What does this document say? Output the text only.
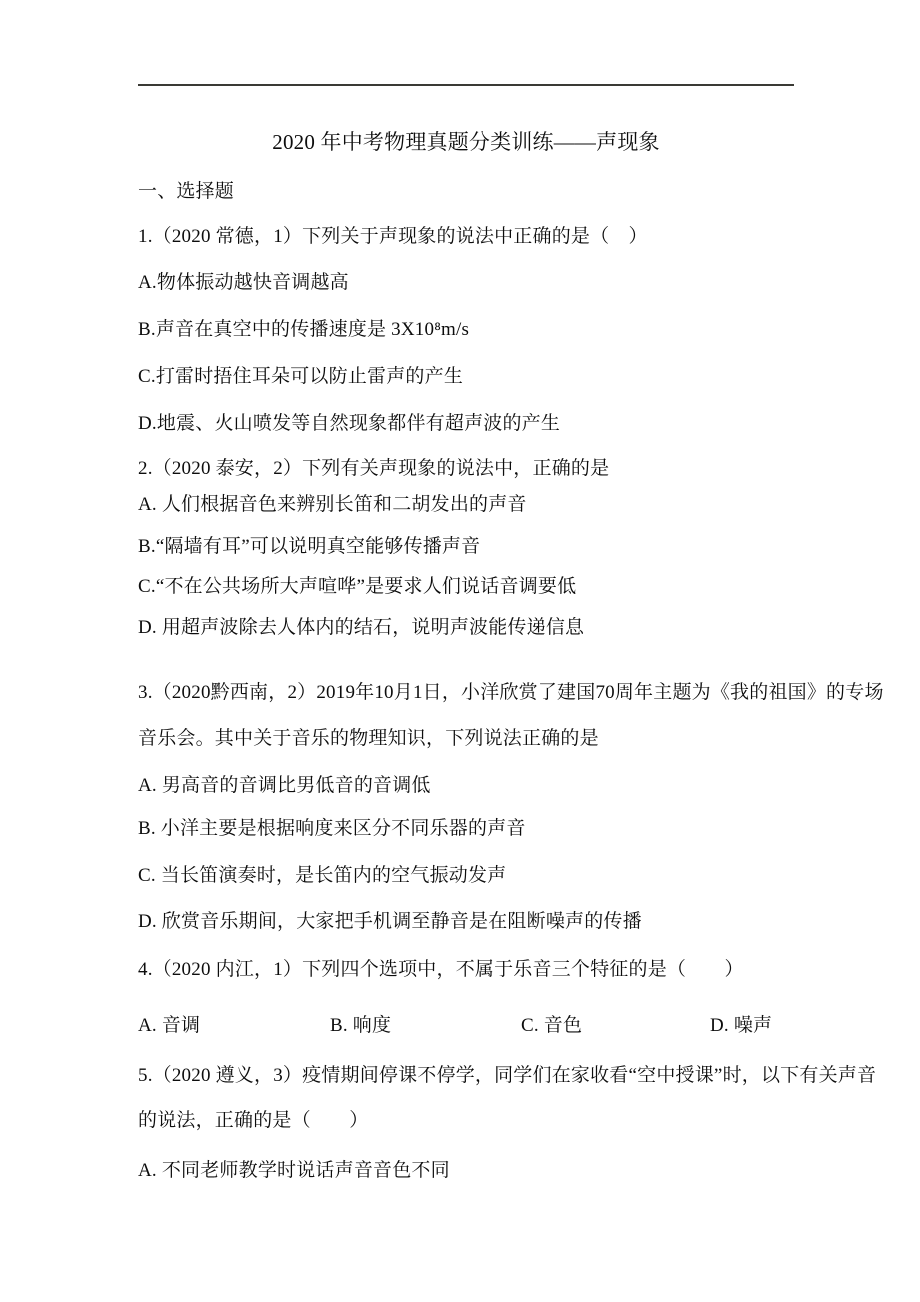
2020 年中考物理真题分类训练——声现象
一、选择题
1.（2020 常德，1）下列关于声现象的说法中正确的是（　）
A.物体振动越快音调越高
B.声音在真空中的传播速度是 3X10⁸m/s
C.打雷时捂住耳朵可以防止雷声的产生
D.地震、火山喷发等自然现象都伴有超声波的产生
2.（2020 泰安，2）下列有关声现象的说法中，正确的是
A. 人们根据音色来辨别长笛和二胡发出的声音
B.“隔墙有耳”可以说明真空能够传播声音
C.“不在公共场所大声喧哗”是要求人们说话音调要低
D. 用超声波除去人体内的结石，说明声波能传递信息
3.（2020黔西南，2）2019年10月1日，小洋欣赏了建国70周年主题为《我的祖国》的专场
音乐会。其中关于音乐的物理知识，下列说法正确的是
A. 男高音的音调比男低音的音调低
B. 小洋主要是根据响度来区分不同乐器的声音
C. 当长笛演奏时，是长笛内的空气振动发声
D. 欣赏音乐期间，大家把手机调至静音是在阻断噪声的传播
4.（2020 内江，1）下列四个选项中，不属于乐音三个特征的是（　　）

A. 音调

	B. 响度

	C. 音色

	D. 噪声

5.（2020 遵义，3）疫情期间停课不停学，同学们在家收看“空中授课”时，以下有关声音
的说法，正确的是（　　）
A. 不同老师教学时说话声音音色不同
